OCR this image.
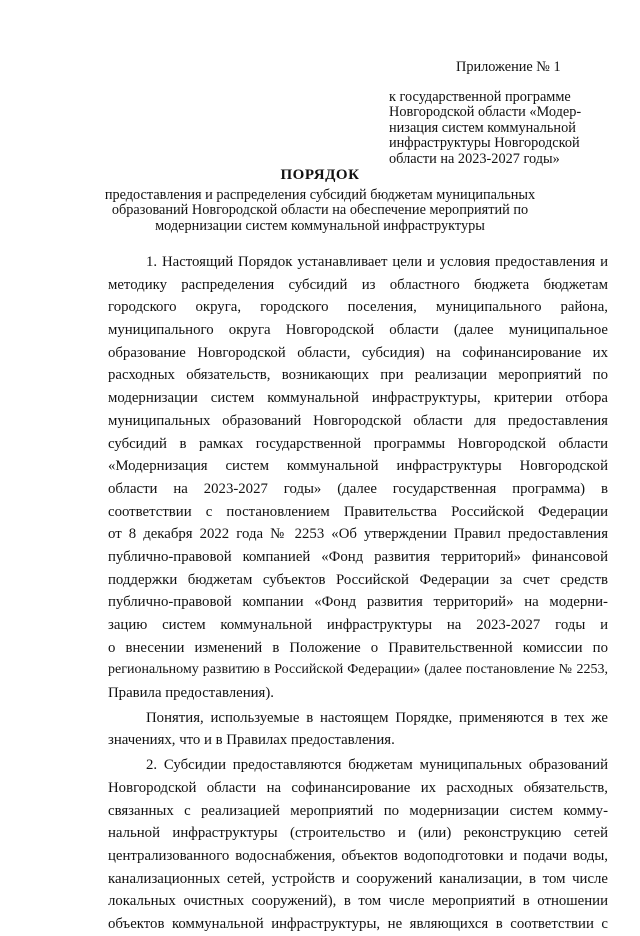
Приложение № 1
к государственной программе
Новгородской области «Модер-
низация систем коммунальной
инфраструктуры Новгородской
области на 2023-2027 годы»
ПОРЯДОК
предоставления и распределения субсидий бюджетам муниципальных
образований Новгородской области на обеспечение мероприятий по
модернизации систем коммунальной инфраструктуры
1. Настоящий Порядок устанавливает цели и условия предоставления и
методику распределения субсидий из областного бюджета бюджетам
городского округа, городского поселения, муниципального района,
муниципального округа Новгородской области (далее муниципальное
образование Новгородской области, субсидия) на софинансирование их
расходных обязательств, возникающих при реализации мероприятий по
модернизации систем коммунальной инфраструктуры, критерии отбора
муниципальных образований Новгородской области для предоставления
субсидий в рамках государственной программы Новгородской области
«Модернизация систем коммунальной инфраструктуры Новгородской
области на 2023-2027 годы» (далее государственная программа) в
соответствии с постановлением Правительства Российской Федерации
от 8 декабря 2022 года № 2253 «Об утверждении Правил предоставления
публично-правовой компанией «Фонд развития территорий» финансовой
поддержки бюджетам субъектов Российской Федерации за счет средств
публично-правовой компании «Фонд развития территорий» на модерни-
зацию систем коммунальной инфраструктуры на 2023-2027 годы и
о внесении изменений в Положение о Правительственной комиссии по
региональному развитию в Российской Федерации» (далее постановление № 2253,
Правила предоставления).
Понятия, используемые в настоящем Порядке, применяются в тех же
значениях, что и в Правилах предоставления.
2. Субсидии предоставляются бюджетам муниципальных образований
Новгородской области на софинансирование их расходных обязательств,
связанных с реализацией мероприятий по модернизации систем комму-
нальной инфраструктуры (строительство и (или) реконструкцию сетей
централизованного водоснабжения, объектов водоподготовки и подачи воды,
канализационных сетей, устройств и сооружений канализации, в том числе
локальных очистных сооружений), в том числе мероприятий в отношении
объектов коммунальной инфраструктуры, не являющихся в соответствии с
